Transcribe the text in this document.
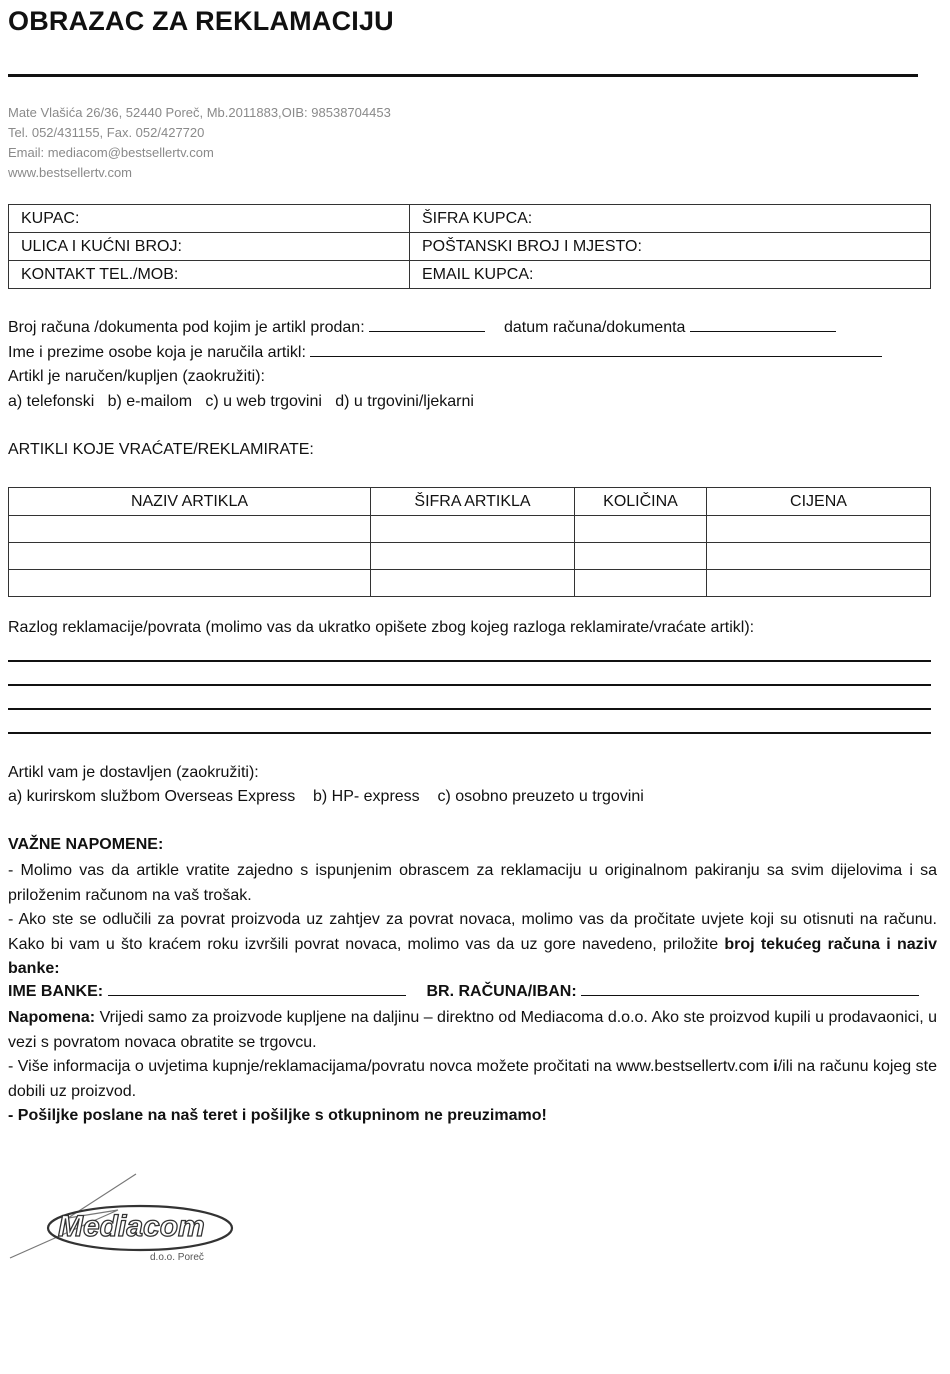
OBRAZAC ZA REKLAMACIJU
Mate Vlašića 26/36, 52440 Poreč, Mb.2011883,OIB: 98538704453
Tel. 052/431155, Fax. 052/427720
Email: mediacom@bestsellertv.com
www.bestsellertv.com
KUPAC:	ŠIFRA KUPCA:
ULICA I KUĆNI BROJ:	POŠTANSKI BROJ I MJESTO:
KONTAKT TEL./MOB:	EMAIL KUPCA:
Broj računa /dokumenta pod kojim je artikl prodan:	datum računa/dokumenta
Ime i prezime osobe koja je naručila artikl:
Artikl je naručen/kupljen (zaokružiti):
a) telefonski   b) e-mailom   c) u web trgovini   d) u trgovini/ljekarni
ARTIKLI KOJE VRAĆATE/REKLAMIRATE:
NAZIV ARTIKLA	ŠIFRA ARTIKLA	KOLIČINA	CIJENA

Razlog reklamacije/povrata (molimo vas da ukratko opišete zbog kojeg razloga reklamirate/vraćate artikl):
Artikl vam je dostavljen (zaokružiti):
a) kurirskom službom Overseas Express    b) HP- express    c) osobno preuzeto u trgovini
VAŽNE NAPOMENE:
- Molimo vas da artikle vratite zajedno s ispunjenim obrascem za reklamaciju u originalnom pakiranju sa svim dijelovima i sa priloženim računom na vaš trošak.
- Ako ste se odlučili za povrat proizvoda uz zahtjev za povrat novaca, molimo vas da pročitate uvjete koji su otisnuti na računu. Kako bi vam u što kraćem roku izvršili povrat novaca, molimo vas da uz gore navedeno, priložite broj tekućeg računa i naziv banke:
IME BANKE:	BR. RAČUNA/IBAN:
Napomena: Vrijedi samo za proizvode kupljene na daljinu – direktno od Mediacoma d.o.o. Ako ste proizvod kupili u prodavaonici, u vezi s povratom novaca obratite se trgovcu.
- Više informacija o uvjetima kupnje/reklamacijama/povratu novca možete pročitati na www.bestsellertv.com i/ili na računu kojeg ste dobili uz proizvod.
- Pošiljke poslane na naš teret i pošiljke s otkupninom ne preuzimamo!
Mediacom
d.o.o. Poreč
